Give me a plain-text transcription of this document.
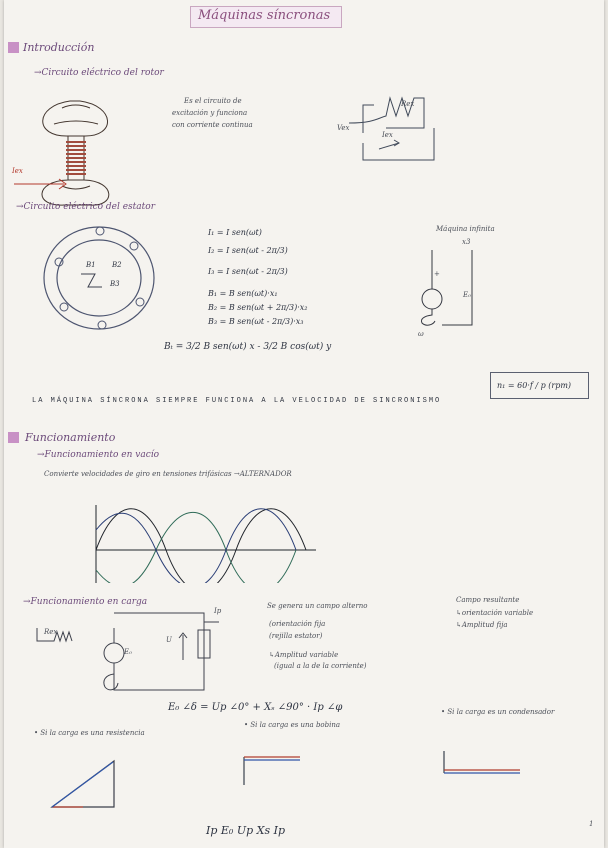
Máquinas síncronas
Introducción
→Circuito eléctrico del rotor
Iex
Es el circuito de
excitación y funciona
con corriente continua
Rex
Vex
Iex
→Circuito eléctrico del estator
B1 B2
B3
I₁ = I sen(ωt)
I₂ = I sen(ωt - 2π/3)
I₃ = I sen(ωt - 2π/3)
B₁ = B sen(ωt)·x₁
B₂ = B sen(ωt + 2π/3)·x₂
B₃ = B sen(ωt - 2π/3)·x₃
Bₜ = 3/2 B sen(ωt) x - 3/2 B cos(ωt) y
Máquina infinita
x3
E₀
+
ω
LA MÁQUINA SÍNCRONA SIEMPRE FUNCIONA A LA VELOCIDAD DE SINCRONISMO
n₁ = 60·f / p (rpm)
Funcionamiento
→Funcionamiento en vacío
Convierte velocidades de giro en tensiones trifásicas →ALTERNADOR
→Funcionamiento en carga
Rex
E₀
U
Ip
Se genera un campo alterno
(orientación fija
(rejilla estator)
↳Amplitud variable
(igual a la de la corriente)
Campo resultante
↳orientación variable
↳Amplitud fija
E₀ ∠δ = Up ∠0° + Xₛ ∠90° · Ip ∠φ
• Si la carga es una resistencia
• Si la carga es una bobina
• Si la carga es un condensador
Ip E₀ Up Xs Ip	1
